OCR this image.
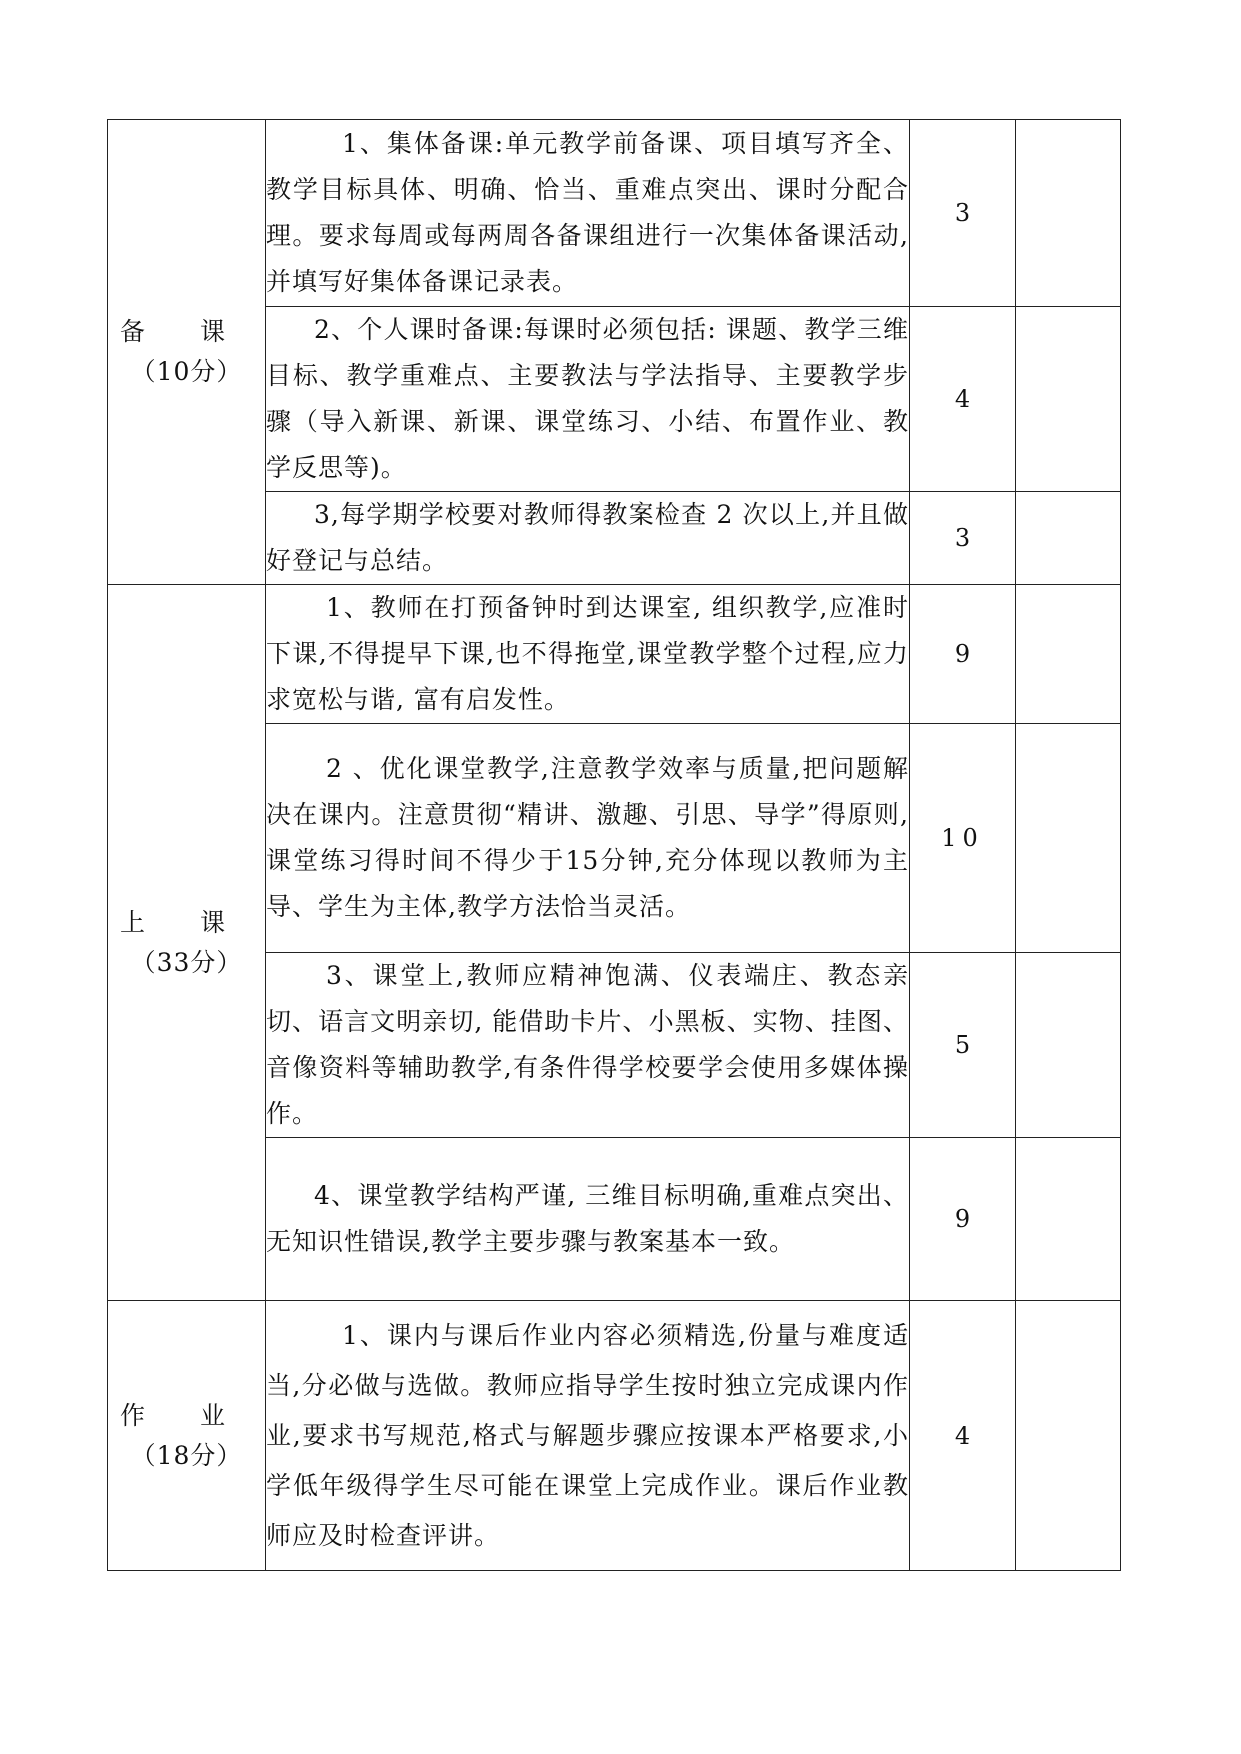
备 课
（10分）	1、集体备课:单元教学前备课、项目填写齐全、教学目标具体、明确、恰当、重难点突出、课时分配合理。要求每周或每两周各备课组进行一次集体备课活动,并填写好集体备课记录表。	3	
	2、个人课时备课:每课时必须包括: 课题、教学三维目标、教学重难点、主要教法与学法指导、主要教学步骤（导入新课、新课、课堂练习、小结、布置作业、教学反思等)。	4	
	3,每学期学校要对教师得教案检查 2 次以上,并且做好登记与总结。	3	

上 课
（33分）	1、教师在打预备钟时到达课室, 组织教学,应准时下课,不得提早下课,也不得拖堂,课堂教学整个过程,应力求宽松与谐, 富有启发性。	9	
	2 、优化课堂教学,注意教学效率与质量,把问题解决在课内。注意贯彻“精讲、激趣、引思、导学”得原则,课堂练习得时间不得少于15分钟,充分体现以教师为主导、学生为主体,教学方法恰当灵活。	10	
	3、课堂上,教师应精神饱满、仪表端庄、教态亲切、语言文明亲切, 能借助卡片、小黑板、实物、挂图、音像资料等辅助教学,有条件得学校要学会使用多媒体操作。	5	
	4、课堂教学结构严谨, 三维目标明确,重难点突出、无知识性错误,教学主要步骤与教案基本一致。	9	

作 业
（18分）	1、课内与课后作业内容必须精选,份量与难度适当,分必做与选做。教师应指导学生按时独立完成课内作业,要求书写规范,格式与解题步骤应按课本严格要求,小学低年级得学生尽可能在课堂上完成作业。课后作业教师应及时检查评讲。	4	
